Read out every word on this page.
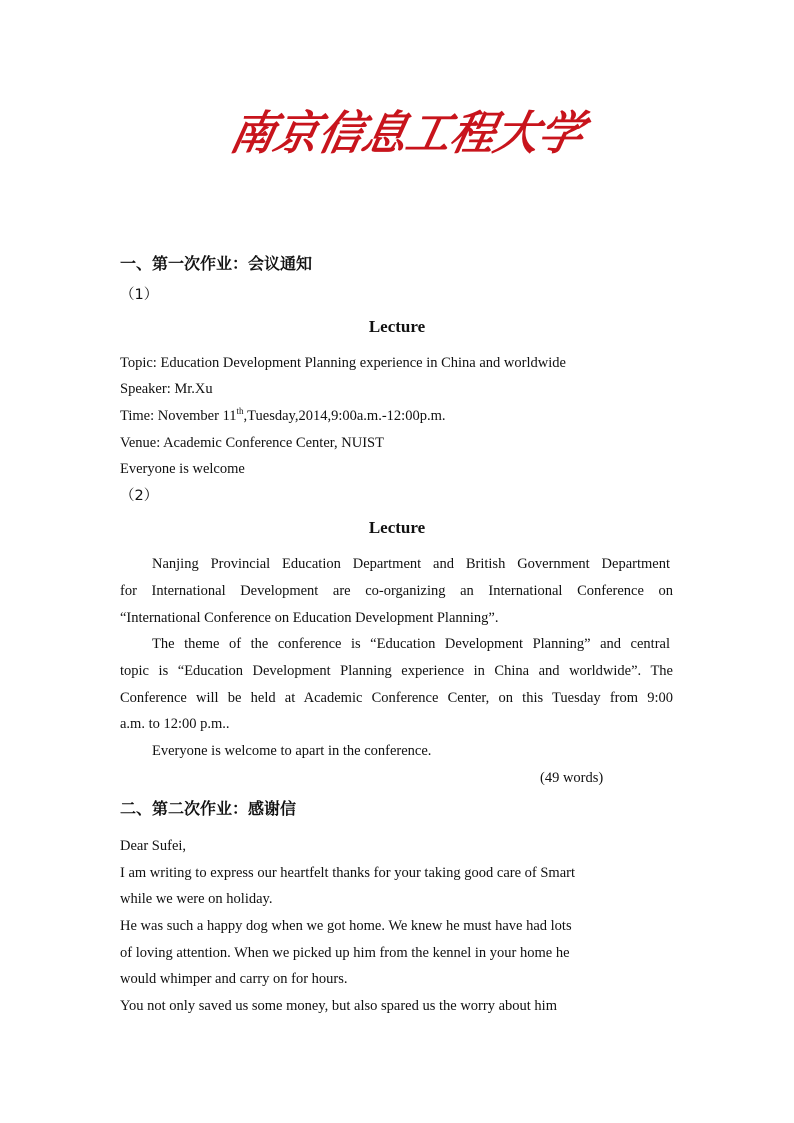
南
京
信
息
工
程
大
学
一、第一次作业：会议通知
（1）
Lecture
Topic: Education Development Planning experience in China and worldwide
Speaker: Mr.Xu
Time: November 11th,Tuesday,2014,9:00a.m.-12:00p.m.
Venue: Academic Conference Center, NUIST
Everyone is welcome
（2）
Lecture
Nanjing Provincial Education Department and British Government Department
for International Development are co-organizing an International Conference on
“International Conference on Education Development Planning”.
The theme of the conference is “Education Development Planning” and central
topic is “Education Development Planning experience in China and worldwide”. The
Conference will be held at Academic Conference Center, on this Tuesday from 9:00
a.m. to 12:00 p.m..
Everyone is welcome to apart in the conference.
(49 words)
二、第二次作业：感谢信
Dear Sufei,
I am writing to express our heartfelt thanks for your taking good care of Smart
while we were on holiday.
He was such a happy dog when we got home. We knew he must have had lots
of loving attention. When we picked up him from the kennel in your home he
would whimper and carry on for hours.
You not only saved us some money, but also spared us the worry about him
